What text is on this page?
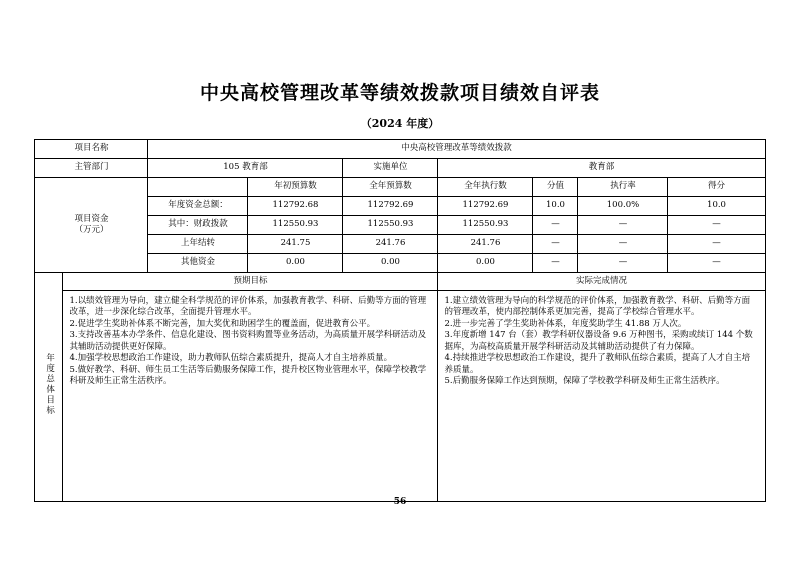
中央高校管理改革等绩效拨款项目绩效自评表
（2024 年度）
项目名称		中央高校管理改革等绩效拨款						
主管部门		105 教育部		实施单位	教育部			
项目资金
（万元）			年初预算数	全年预算数	全年执行数	分值	执行率	得分
		年度资金总额：	112792.68	112792.69	112792.69	10.0	100.0%	10.0
		其中：财政拨款	112550.93	112550.93	112550.93	—	—	—
		上年结转	241.75	241.76	241.76	—	—	—
		其他资金	0.00	0.00	0.00	—	—	—
年度总体目标	预期目标				实际完成情况			

1.以绩效管理为导向，建立健全科学规范的评价体系，加强教育教学、科研、后勤等方面的管理改革，进一步深化综合改革，全面提升管理水平。

2.促进学生奖助补体系不断完善，加大奖优和助困学生的覆盖面，促进教育公平。

3.支持改善基本办学条件、信息化建设、图书资料购置等业务活动，为高质量开展学科研活动及其辅助活动提供更好保障。

4.加强学校思想政治工作建设，助力教师队伍综合素质提升，提高人才自主培养质量。

5.做好教学、科研、师生员工生活等后勤服务保障工作，提升校区物业管理水平，保障学校教学科研及师生正常生活秩序。

1.建立绩效管理为导向的科学规范的评价体系，加强教育教学、科研、后勤等方面的管理改革，使内部控制体系更加完善，提高了学校综合管理水平。

2.进一步完善了学生奖助补体系，年度奖助学生 41.88 万人次。

3.年度新增 147 台（套）教学科研仪器设备 9.6 万种图书，采购或续订 144 个数据库，为高校高质量开展学科研活动及其辅助活动提供了有力保障。

4.持续推进学校思想政治工作建设，提升了教师队伍综合素质，提高了人才自主培养质量。

5.后勤服务保障工作达到预期，保障了学校教学科研及师生正常生活秩序。

56
